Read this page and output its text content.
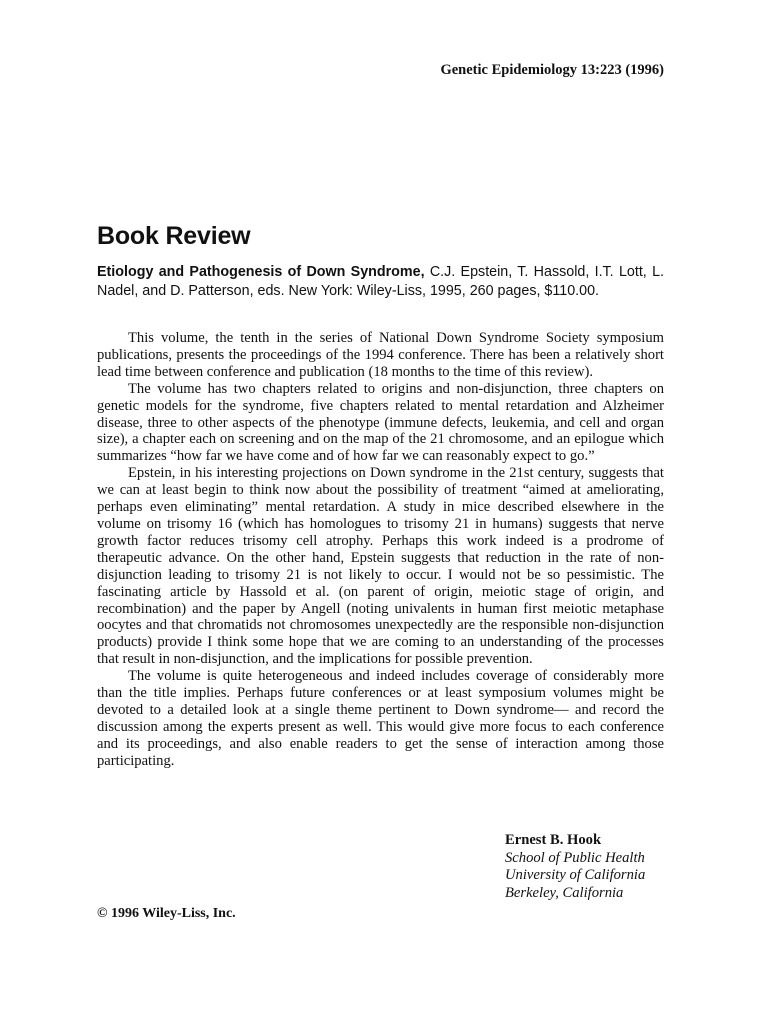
Genetic Epidemiology 13:223 (1996)
Book Review

Etiology and Pathogenesis of Down Syndrome, C.J. Epstein, T. Hassold, I.T. Lott, L. Nadel, and D. Patterson, eds. New York: Wiley-Liss, 1995, 260 pages, $110.00.

This volume, the tenth in the series of National Down Syndrome Society symposium publications, presents the proceedings of the 1994 conference. There has been a relatively short lead time between conference and publication (18 months to the time of this review).

The volume has two chapters related to origins and non-disjunction, three chapters on genetic models for the syndrome, five chapters related to mental retardation and Alzheimer disease, three to other aspects of the phenotype (immune defects, leukemia, and cell and organ size), a chapter each on screening and on the map of the 21 chromosome, and an epilogue which summarizes “how far we have come and of how far we can reasonably expect to go.”

Epstein, in his interesting projections on Down syndrome in the 21st century, suggests that we can at least begin to think now about the possibility of treatment “aimed at ameliorating, perhaps even eliminating” mental retardation. A study in mice described elsewhere in the volume on trisomy 16 (which has homologues to trisomy 21 in humans) suggests that nerve growth factor reduces trisomy cell atrophy. Perhaps this work indeed is a prodrome of therapeutic advance. On the other hand, Epstein suggests that reduction in the rate of non-disjunction leading to trisomy 21 is not likely to occur. I would not be so pessimistic. The fascinating article by Hassold et al. (on parent of origin, meiotic stage of origin, and recombination) and the paper by Angell (noting univalents in human first meiotic metaphase oocytes and that chromatids not chromosomes unexpectedly are the responsible non-disjunction products) provide I think some hope that we are coming to an understanding of the processes that result in non-disjunction, and the implications for possible prevention.

The volume is quite heterogeneous and indeed includes coverage of considerably more than the title implies. Perhaps future conferences or at least symposium volumes might be devoted to a detailed look at a single theme pertinent to Down syndrome— and record the discussion among the experts present as well. This would give more focus to each conference and its proceedings, and also enable readers to get the sense of interaction among those participating.

Ernest B. Hook
School of Public Health
University of California
Berkeley, California
© 1996 Wiley-Liss, Inc.
